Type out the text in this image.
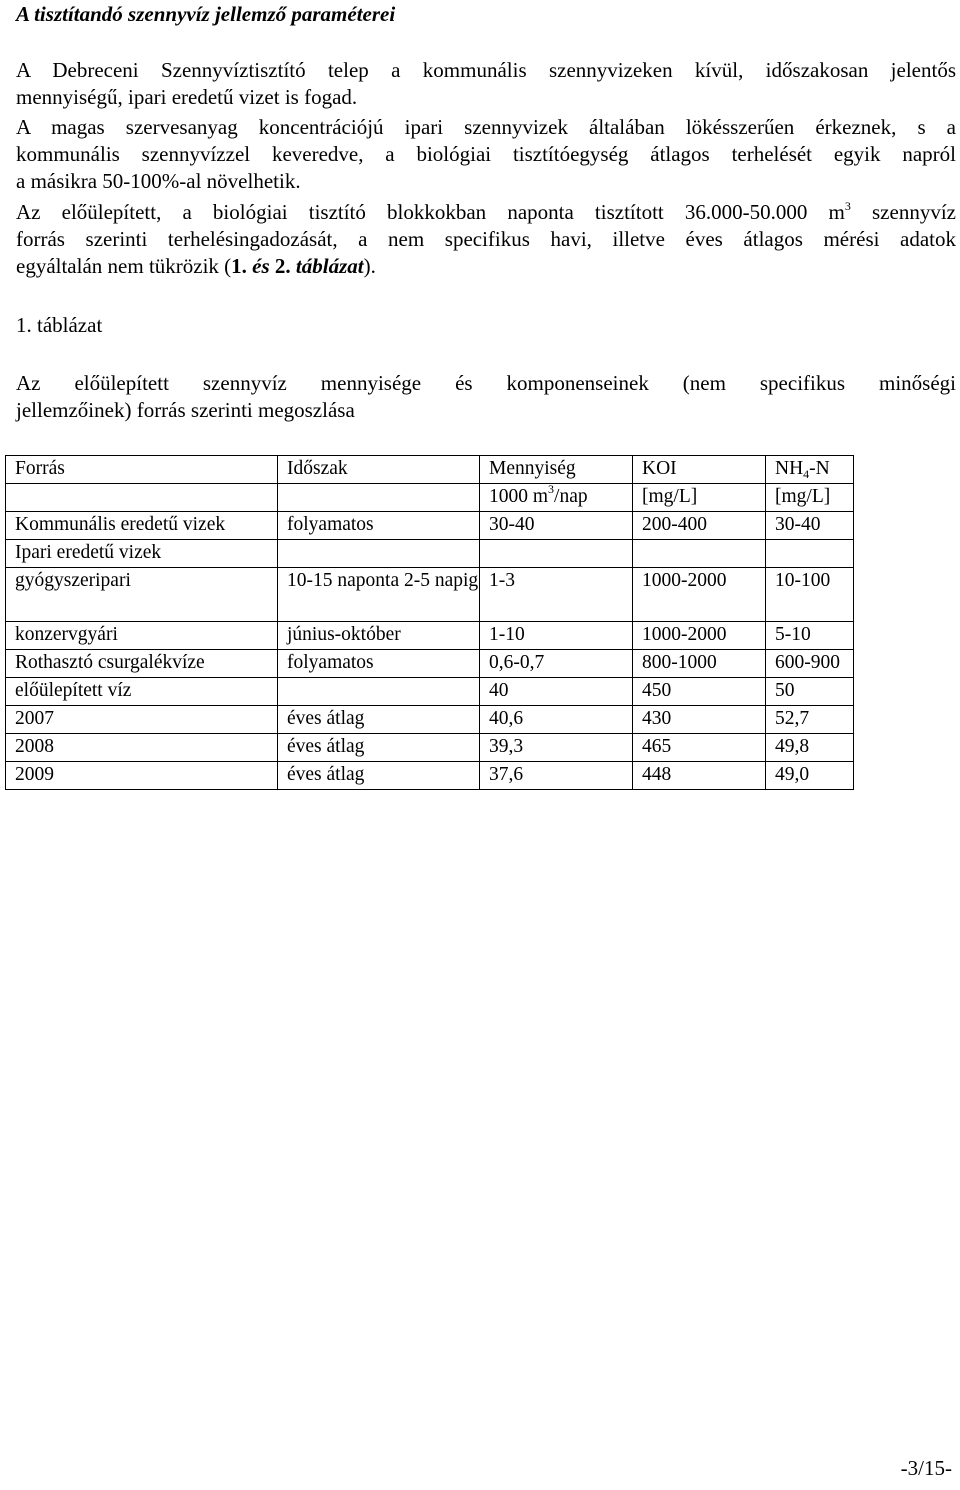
A tisztítandó szennyvíz jellemző paraméterei
A Debreceni Szennyvíztisztító telep a kommunális szennyvizeken kívül, időszakosan jelentős
mennyiségű, ipari eredetű vizet is fogad.
A magas szervesanyag koncentrációjú ipari szennyvizek általában lökésszerűen érkeznek, s a
kommunális szennyvízzel keveredve, a biológiai tisztítóegység átlagos terhelését egyik napról
a másikra 50-100%-al növelhetik.
Az előülepített, a biológiai tisztító blokkokban naponta tisztított 36.000-50.000 $m^3$ szennyvíz
forrás szerinti terhelésingadozását, a nem specifikus havi, illetve éves átlagos mérési adatok
egyáltalán nem tükrözik (1. és 2. táblázat).
1. táblázat
Az előülepített szennyvíz mennyisége és komponenseinek (nem specifikus minőségi
jellemzőinek) forrás szerinti megoszlása
Forrás	Időszak	Mennyiség	KOI	$NH_4-N$
		1000 $m^3$/nap	[mg/L]	[mg/L]
Kommunális eredetű vizek	folyamatos	30-40	200-400	30-40
Ipari eredetű vizek				
gyógyszeripari	10-15 naponta 2-5 napig	1-3	1000-2000	10-100
konzervgyári	június-október	1-10	1000-2000	5-10
Rothasztó csurgalékvíze	folyamatos	0,6-0,7	800-1000	600-900
előülepített víz		40	450	50
2007	éves átlag	40,6	430	52,7
2008	éves átlag	39,3	465	49,8
2009	éves átlag	37,6	448	49,0
-3/15-
